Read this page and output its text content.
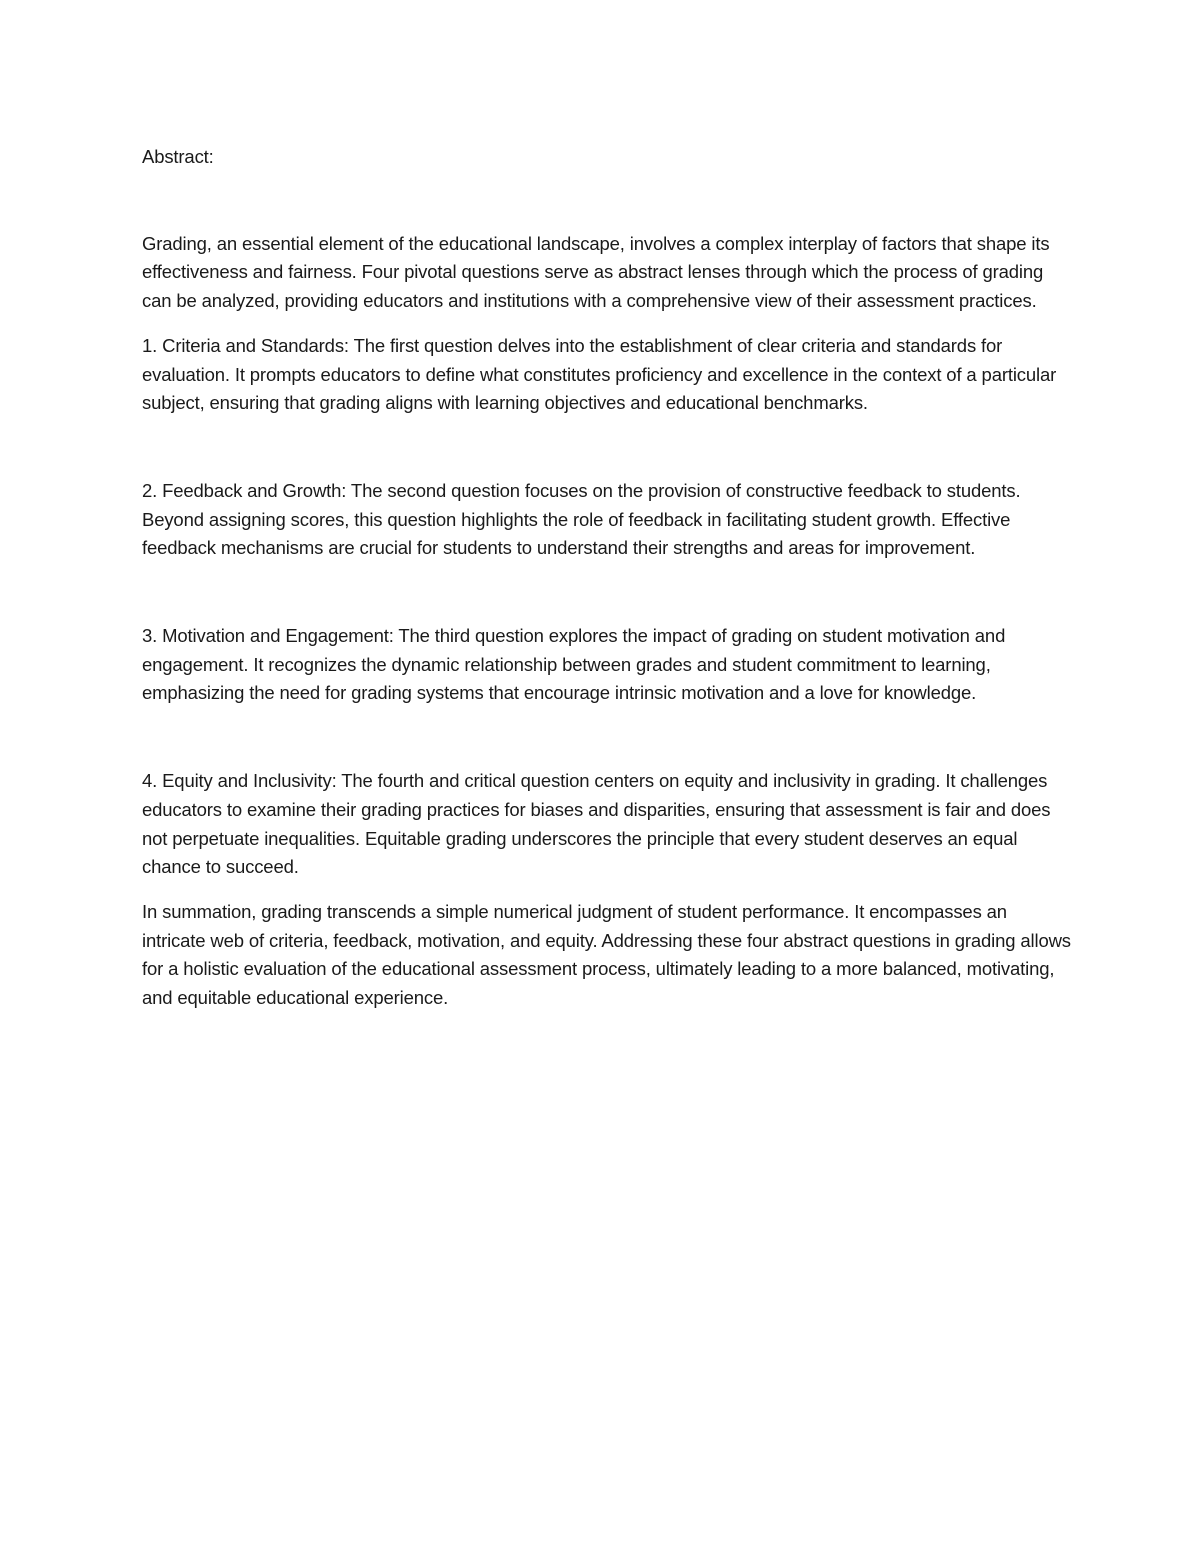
Abstract:

Grading, an essential element of the educational landscape, involves a complex interplay of factors that shape its effectiveness and fairness. Four pivotal questions serve as abstract lenses through which the process of grading can be analyzed, providing educators and institutions with a comprehensive view of their assessment practices.

1. Criteria and Standards: The first question delves into the establishment of clear criteria and standards for evaluation. It prompts educators to define what constitutes proficiency and excellence in the context of a particular subject, ensuring that grading aligns with learning objectives and educational benchmarks.

2. Feedback and Growth: The second question focuses on the provision of constructive feedback to students. Beyond assigning scores, this question highlights the role of feedback in facilitating student growth. Effective feedback mechanisms are crucial for students to understand their strengths and areas for improvement.

3. Motivation and Engagement: The third question explores the impact of grading on student motivation and engagement. It recognizes the dynamic relationship between grades and student commitment to learning, emphasizing the need for grading systems that encourage intrinsic motivation and a love for knowledge.

4. Equity and Inclusivity: The fourth and critical question centers on equity and inclusivity in grading. It challenges educators to examine their grading practices for biases and disparities, ensuring that assessment is fair and does not perpetuate inequalities. Equitable grading underscores the principle that every student deserves an equal chance to succeed.

In summation, grading transcends a simple numerical judgment of student performance. It encompasses an intricate web of criteria, feedback, motivation, and equity. Addressing these four abstract questions in grading allows for a holistic evaluation of the educational assessment process, ultimately leading to a more balanced, motivating, and equitable educational experience.
